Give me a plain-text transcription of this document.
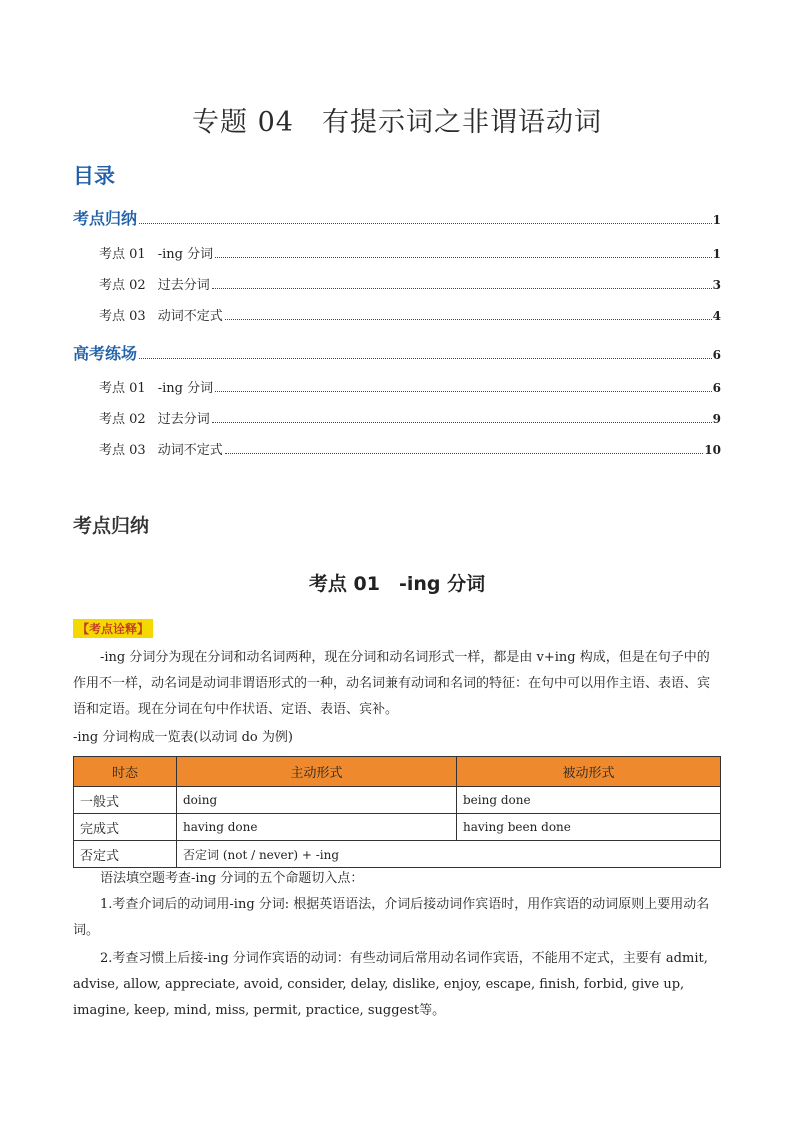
专题 04　有提示词之非谓语动词
目录
考点归纳	1
考点 01 -ing 分词	1
考点 02 过去分词	3
考点 03 动词不定式	4
高考练场	6
考点 01 -ing 分词	6
考点 02 过去分词	9
考点 03 动词不定式	10
考点归纳
考点 01　-ing 分词
【考点诠释】
-ing 分词分为现在分词和动名词两种，现在分词和动名词形式一样，都是由 v+ing 构成，但是在句子中的作用不一样，动名词是动词非谓语形式的一种，动名词兼有动词和名词的特征：在句中可以用作主语、表语、宾语和定语。现在分词在句中作状语、定语、表语、宾补。
-ing 分词构成一览表(以动词 do 为例)
时态	主动形式	被动形式
一般式	doing	being done
完成式	having done	having been done
否定式	否定词 (not / never) + -ing	
语法填空题考查-ing 分词的五个命题切入点：
1.考查介词后的动词用-ing 分词: 根据英语语法，介词后接动词作宾语时，用作宾语的动词原则上要用动名词。
2.考查习惯上后接-ing 分词作宾语的动词：有些动词后常用动名词作宾语，不能用不定式，主要有 admit, advise, allow, appreciate, avoid, consider, delay, dislike, enjoy, escape, finish, forbid, give up, imagine, keep, mind, miss, permit, practice, suggest等。
